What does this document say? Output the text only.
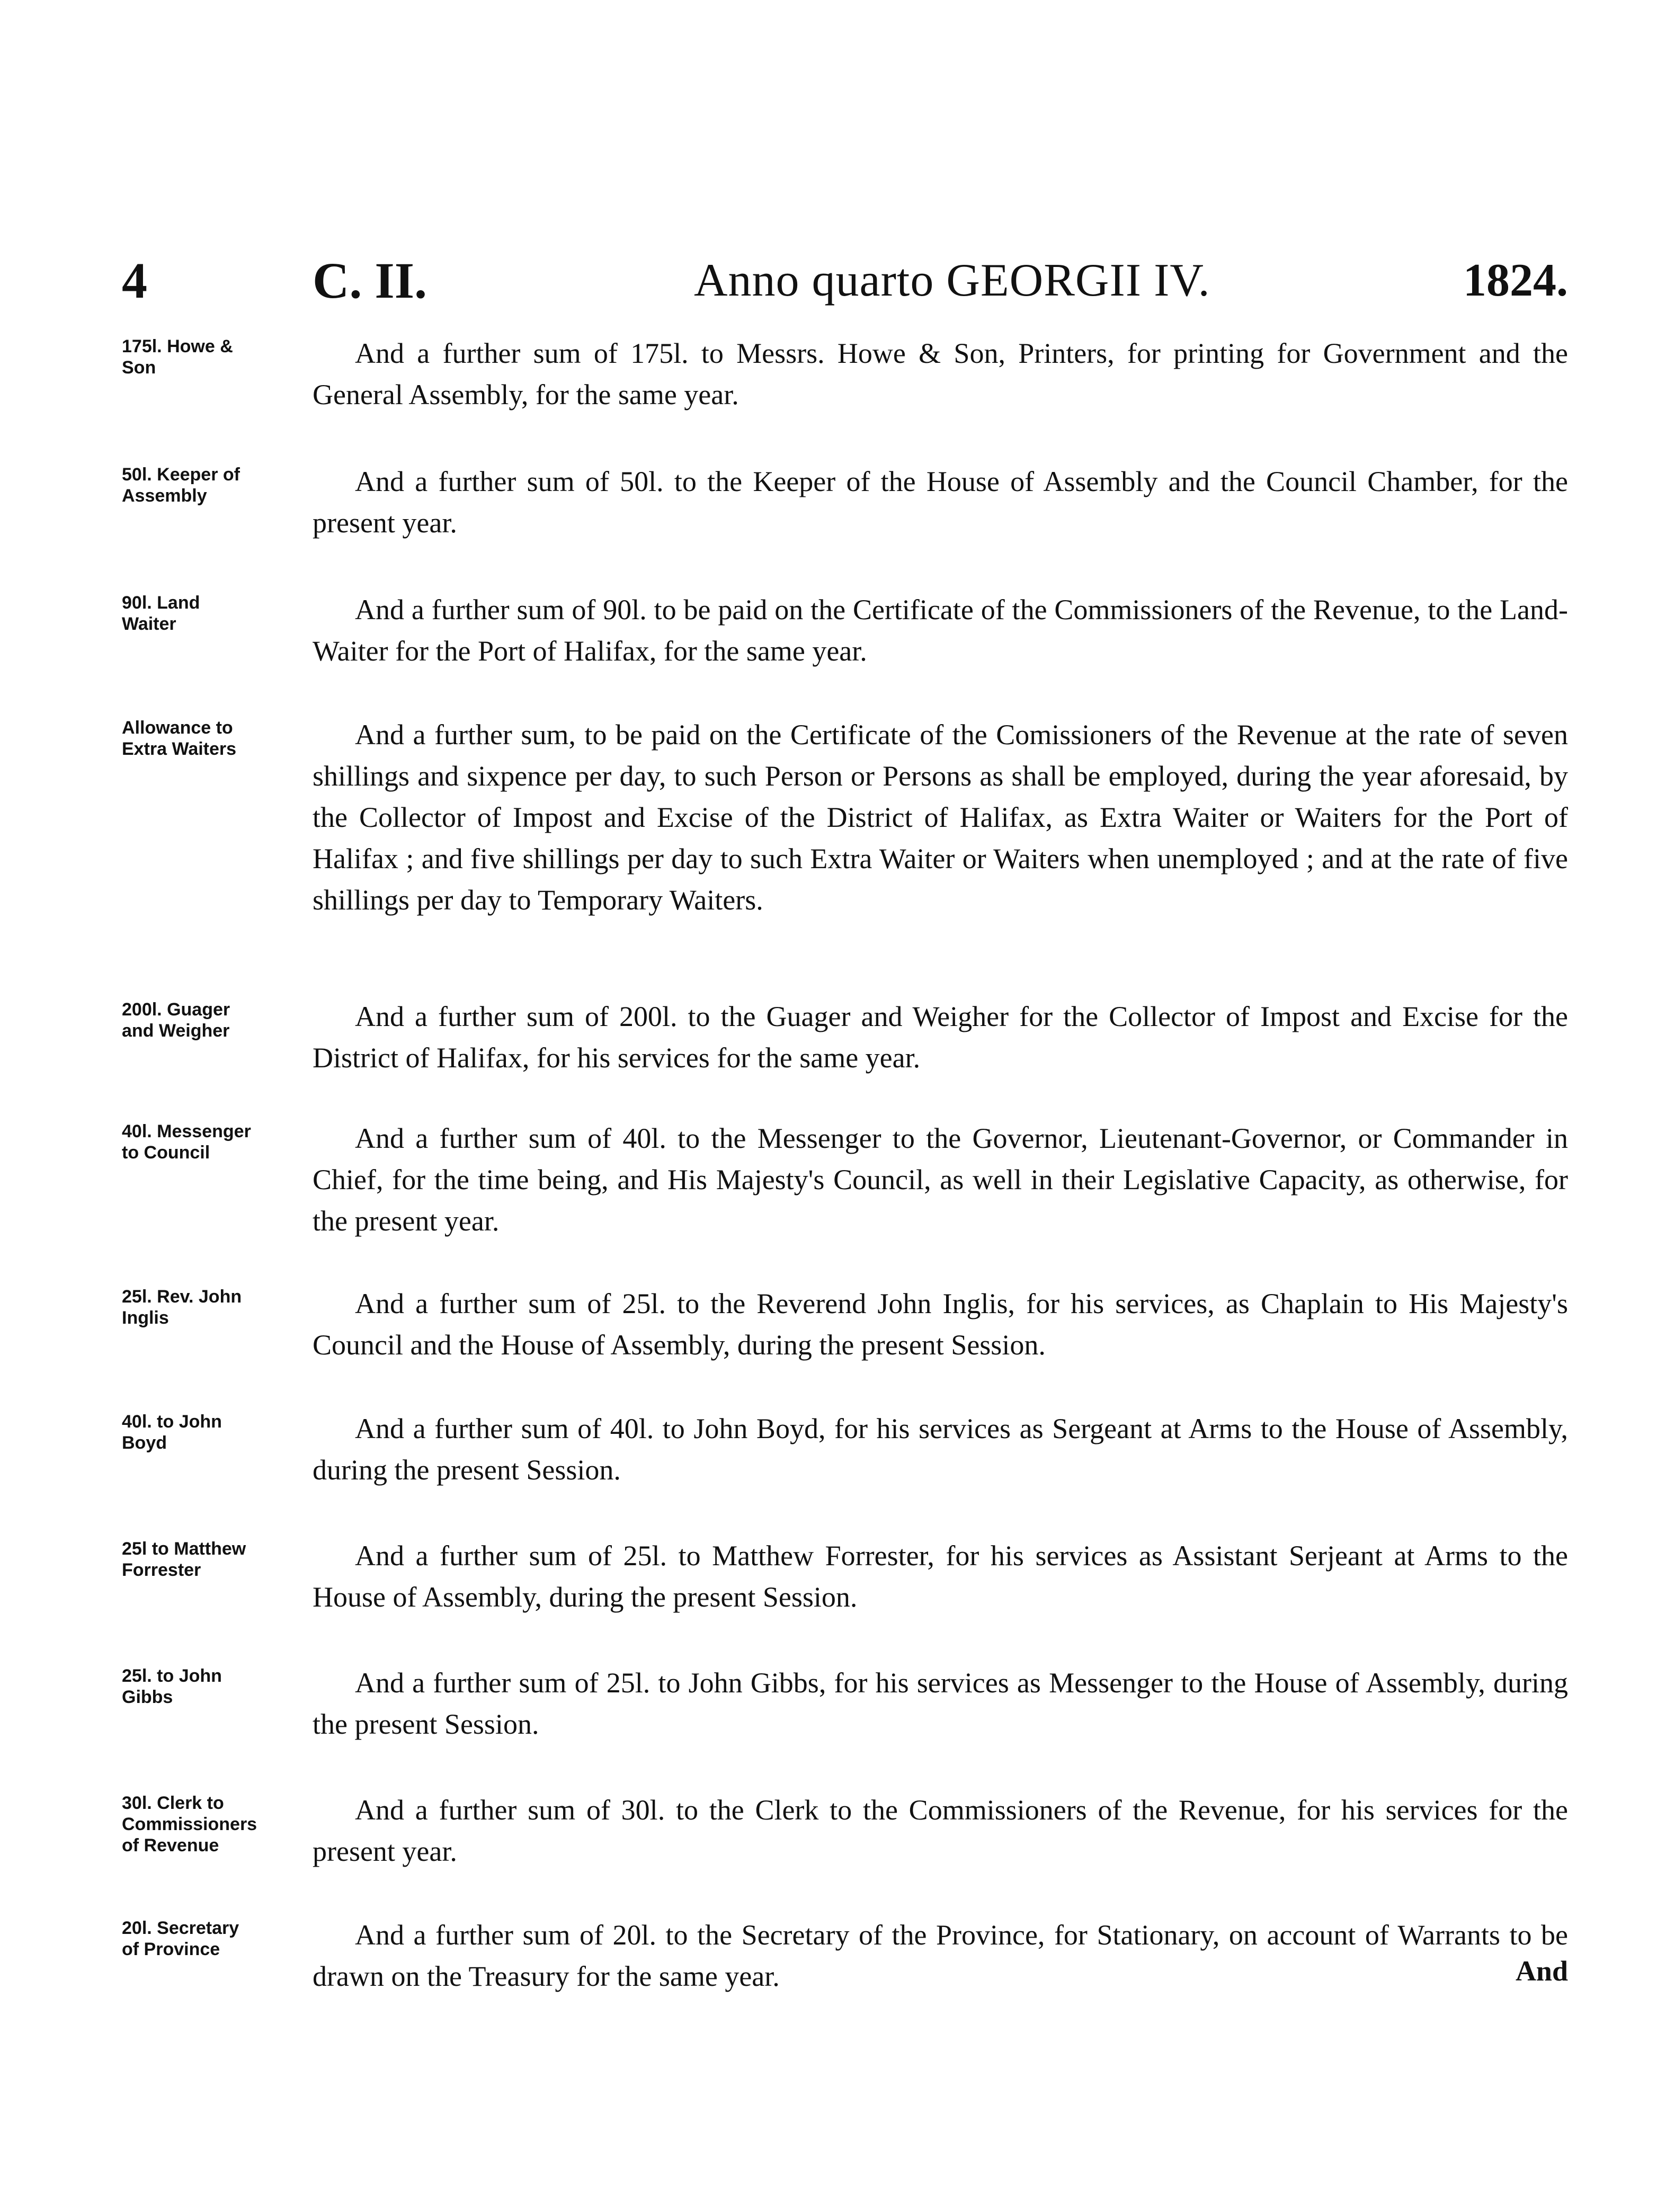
4	C. II.	Anno quarto GEORGII IV.	1824.
175l. Howe &
Son	And a further sum of 175l. to Messrs. Howe & Son, Printers, for printing for Government and the General Assembly, for the same year.
50l. Keeper of
Assembly	And a further sum of 50l. to the Keeper of the House of Assembly and the Council Chamber, for the present year.
90l. Land
Waiter	And a further sum of 90l. to be paid on the Certificate of the Commissioners of the Revenue, to the Land-Waiter for the Port of Halifax, for the same year.
Allowance to
Extra Waiters	And a further sum, to be paid on the Certificate of the Comissioners of the Revenue at the rate of seven shillings and sixpence per day, to such Person or Persons as shall be employed, during the year aforesaid, by the Collector of Impost and Excise of the District of Halifax, as Extra Waiter or Waiters for the Port of Halifax ; and five shillings per day to such Extra Waiter or Waiters when unemployed ; and at the rate of five shillings per day to Temporary Waiters.
200l. Guager
and Weigher	And a further sum of 200l. to the Guager and Weigher for the Collector of Impost and Excise for the District of Halifax, for his services for the same year.
40l. Messenger
to Council	And a further sum of 40l. to the Messenger to the Governor, Lieutenant-Governor, or Commander in Chief, for the time being, and His Majesty's Council, as well in their Legislative Capacity, as otherwise, for the present year.
25l. Rev. John
Inglis	And a further sum of 25l. to the Reverend John Inglis, for his services, as Chaplain to His Majesty's Council and the House of Assembly, during the present Session.
40l. to John
Boyd	And a further sum of 40l. to John Boyd, for his services as Sergeant at Arms to the House of Assembly, during the present Session.
25l to Matthew
Forrester	And a further sum of 25l. to Matthew Forrester, for his services as Assistant Serjeant at Arms to the House of Assembly, during the present Session.
25l. to John
Gibbs	And a further sum of 25l. to John Gibbs, for his services as Messenger to the House of Assembly, during the present Session.
30l. Clerk to
Commissioners
of Revenue
And a further sum of 30l. to the Clerk to the Commissioners of the Revenue, for his services for the present year.
20l. Secretary
of Province	And a further sum of 20l. to the Secretary of the Province, for Stationary, on account of Warrants to be drawn on the Treasury for the same year.	And
